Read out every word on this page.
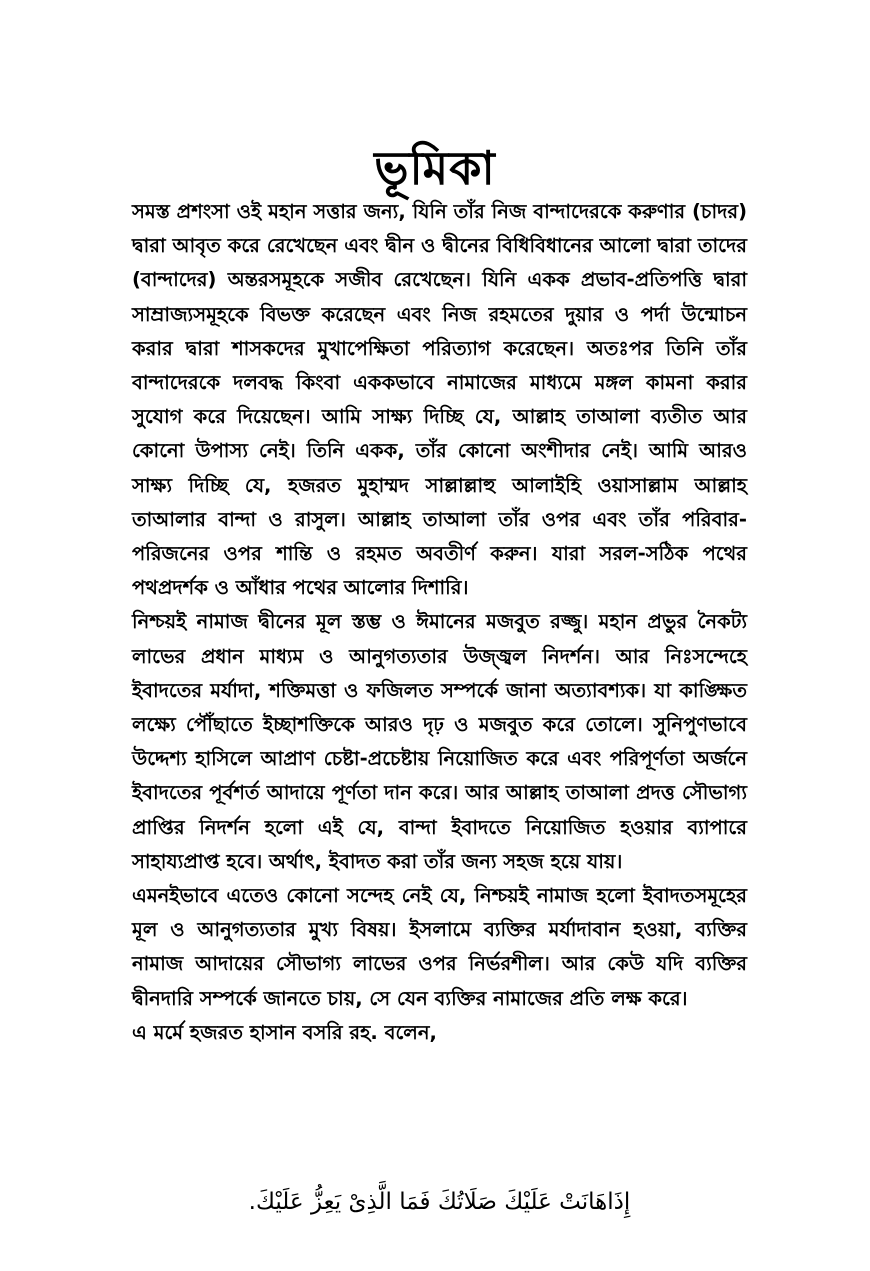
ভূমিকা

সমস্ত প্রশংসা ওই মহান সত্তার জন্য, যিনি তাঁর নিজ বান্দাদেরকে করুণার (চাদর) দ্বারা আবৃত করে রেখেছেন এবং দ্বীন ও দ্বীনের বিধিবিধানের আলো দ্বারা তাদের (বান্দাদের) অন্তরসমূহকে সজীব রেখেছেন। যিনি একক প্রভাব-প্রতিপত্তি দ্বারা সাম্রাজ্যসমূহকে বিভক্ত করেছেন এবং নিজ রহমতের দুয়ার ও পর্দা উন্মোচন করার দ্বারা শাসকদের মুখাপেক্ষিতা পরিত্যাগ করেছেন। অতঃপর তিনি তাঁর বান্দাদেরকে দলবদ্ধ কিংবা এককভাবে নামাজের মাধ্যমে মঙ্গল কামনা করার সুযোগ করে দিয়েছেন। আমি সাক্ষ্য দিচ্ছি যে, আল্লাহ তাআলা ব্যতীত আর কোনো উপাস্য নেই। তিনি একক, তাঁর কোনো অংশীদার নেই। আমি আরও সাক্ষ্য দিচ্ছি যে, হজরত মুহাম্মদ সাল্লাল্লাহু আলাইহি ওয়াসাল্লাম আল্লাহ তাআলার বান্দা ও রাসুল। আল্লাহ তাআলা তাঁর ওপর এবং তাঁর পরিবার-পরিজনের ওপর শান্তি ও রহমত অবতীর্ণ করুন। যারা সরল-সঠিক পথের পথপ্রদর্শক ও আঁধার পথের আলোর দিশারি।

নিশ্চয়ই নামাজ দ্বীনের মূল স্তম্ভ ও ঈমানের মজবুত রজ্জু। মহান প্রভুর নৈকট্য লাভের প্রধান মাধ্যম ও আনুগত্যতার উজ্জ্বল নিদর্শন। আর নিঃসন্দেহে ইবাদতের মর্যাদা, শক্তিমত্তা ও ফজিলত সম্পর্কে জানা অত্যাবশ্যক। যা কাঙ্ক্ষিত লক্ষ্যে পৌঁছাতে ইচ্ছাশক্তিকে আরও দৃঢ় ও মজবুত করে তোলে। সুনিপুণভাবে উদ্দেশ্য হাসিলে আপ্রাণ চেষ্টা-প্রচেষ্টায় নিয়োজিত করে এবং পরিপূর্ণতা অর্জনে ইবাদতের পূর্বশর্ত আদায়ে পূর্ণতা দান করে। আর আল্লাহ তাআলা প্রদত্ত সৌভাগ্য প্রাপ্তির নিদর্শন হলো এই যে, বান্দা ইবাদতে নিয়োজিত হওয়ার ব্যাপারে সাহায্যপ্রাপ্ত হবে। অর্থাৎ, ইবাদত করা তাঁর জন্য সহজ হয়ে যায়।

এমনইভাবে এতেও কোনো সন্দেহ নেই যে, নিশ্চয়ই নামাজ হলো ইবাদতসমূহের মূল ও আনুগত্যতার মুখ্য বিষয়। ইসলামে ব্যক্তির মর্যাদাবান হওয়া, ব্যক্তির নামাজ আদায়ের সৌভাগ্য লাভের ওপর নির্ভরশীল। আর কেউ যদি ব্যক্তির দ্বীনদারি সম্পর্কে জানতে চায়, সে যেন ব্যক্তির নামাজের প্রতি লক্ষ করে।

এ মর্মে হজরত হাসান বসরি রহ. বলেন,

إِذَاهَانَتْ عَلَيْكَ صَلَاتُكَ فَمَا الَّذِىْ يَعِزُّ عَلَيْكَ.
